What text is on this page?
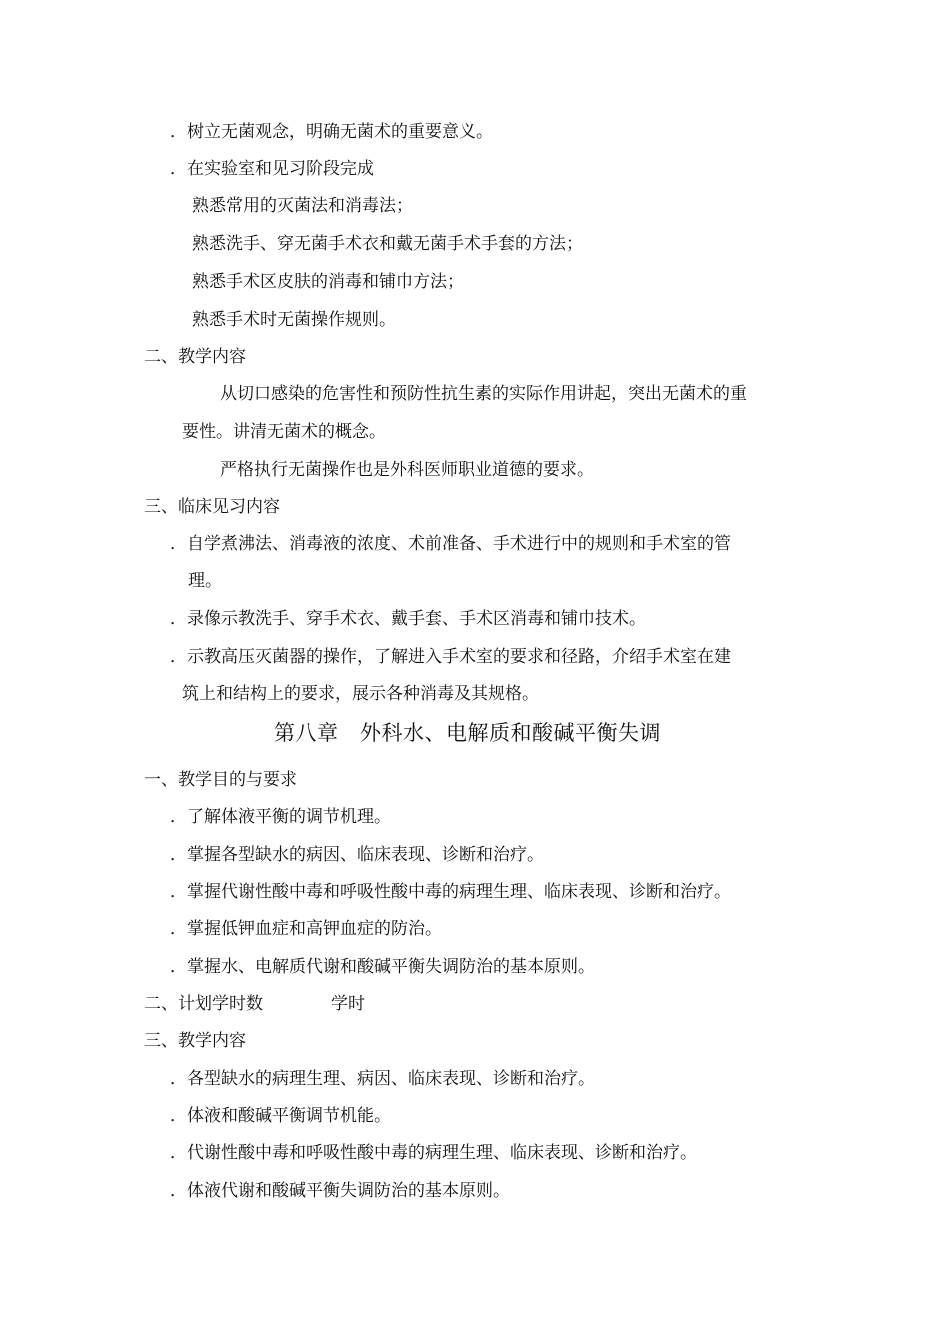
．树立无菌观念，明确无菌术的重要意义。
．在实验室和见习阶段完成
熟悉常用的灭菌法和消毒法；
熟悉洗手、穿无菌手术衣和戴无菌手术手套的方法；
熟悉手术区皮肤的消毒和铺巾方法；
熟悉手术时无菌操作规则。
二、教学内容
从切口感染的危害性和预防性抗生素的实际作用讲起，突出无菌术的重
要性。讲清无菌术的概念。
严格执行无菌操作也是外科医师职业道德的要求。
三、临床见习内容
．自学煮沸法、消毒液的浓度、术前准备、手术进行中的规则和手术室的管
理。
．录像示教洗手、穿手术衣、戴手套、手术区消毒和铺巾技术。
．示教高压灭菌器的操作，了解进入手术室的要求和径路，介绍手术室在建
筑上和结构上的要求，展示各种消毒及其规格。
第八章　外科水、电解质和酸碱平衡失调
一、教学目的与要求
．了解体液平衡的调节机理。
．掌握各型缺水的病因、临床表现、诊断和治疗。
．掌握代谢性酸中毒和呼吸性酸中毒的病理生理、临床表现、诊断和治疗。
．掌握低钾血症和高钾血症的防治。
．掌握水、电解质代谢和酸碱平衡失调防治的基本原则。
二、计划学时数	学时
三、教学内容
．各型缺水的病理生理、病因、临床表现、诊断和治疗。
．体液和酸碱平衡调节机能。
．代谢性酸中毒和呼吸性酸中毒的病理生理、临床表现、诊断和治疗。
．体液代谢和酸碱平衡失调防治的基本原则。
